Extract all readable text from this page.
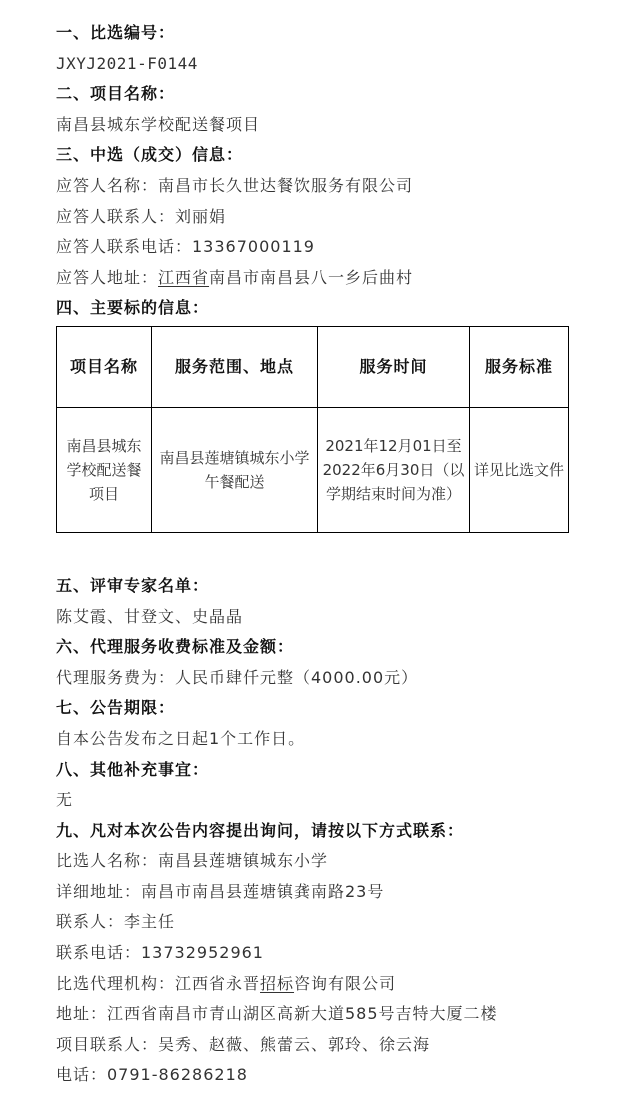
一、比选编号：
JXYJ2021-F0144
二、项目名称：
南昌县城东学校配送餐项目
三、中选（成交）信息：
应答人名称：南昌市长久世达餐饮服务有限公司
应答人联系人：刘丽娟
应答人联系电话：13367000119
应答人地址：江西省南昌市南昌县八一乡后曲村
四、主要标的信息：
项目名称	服务范围、地点	服务时间	服务标准
南昌县城东学校配送餐项目	南昌县莲塘镇城东小学午餐配送	2021年12月01日至2022年6月30日（以学期结束时间为准）	详见比选文件
五、评审专家名单：
陈艾霞、甘登文、史晶晶
六、代理服务收费标准及金额：
代理服务费为：人民币肆仟元整（4000.00元）
七、公告期限：
自本公告发布之日起1个工作日。
八、其他补充事宜：
无
九、凡对本次公告内容提出询问，请按以下方式联系：
比选人名称：南昌县莲塘镇城东小学
详细地址：南昌市南昌县莲塘镇龚南路23号
联系人：李主任
联系电话：13732952961
比选代理机构：江西省永晋招标咨询有限公司
地址：江西省南昌市青山湖区高新大道585号吉特大厦二楼
项目联系人：吴秀、赵薇、熊蕾云、郭玲、徐云海
电话：0791-86286218
